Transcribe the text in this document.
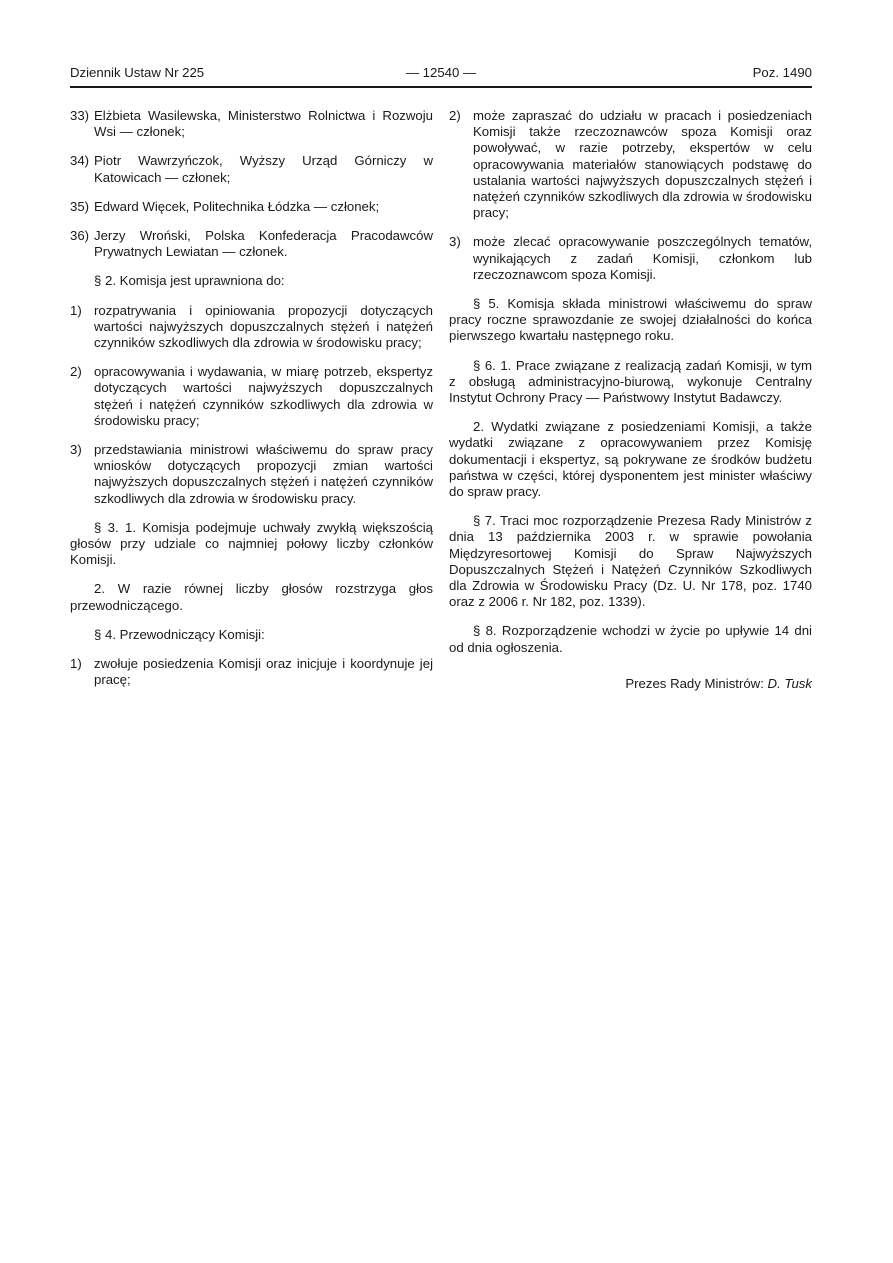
Dziennik Ustaw Nr 225	— 12540 —	Poz. 1490
33) Elżbieta Wasilewska, Ministerstwo Rolnictwa i Rozwoju Wsi — członek;
34) Piotr Wawrzyńczok, Wyższy Urząd Górniczy w Katowicach — członek;
35) Edward Więcek, Politechnika Łódzka — członek;
36) Jerzy Wroński, Polska Konfederacja Pracodawców Prywatnych Lewiatan — członek.
§ 2. Komisja jest uprawniona do:
1) rozpatrywania i opiniowania propozycji dotyczących wartości najwyższych dopuszczalnych stężeń i natężeń czynników szkodliwych dla zdrowia w środowisku pracy;
2) opracowywania i wydawania, w miarę potrzeb, ekspertyz dotyczących wartości najwyższych dopuszczalnych stężeń i natężeń czynników szkodliwych dla zdrowia w środowisku pracy;
3) przedstawiania ministrowi właściwemu do spraw pracy wniosków dotyczących propozycji zmian wartości najwyższych dopuszczalnych stężeń i natężeń czynników szkodliwych dla zdrowia w środowisku pracy.
§ 3. 1. Komisja podejmuje uchwały zwykłą większością głosów przy udziale co najmniej połowy liczby członków Komisji.
2. W razie równej liczby głosów rozstrzyga głos przewodniczącego.
§ 4. Przewodniczący Komisji:
1) zwołuje posiedzenia Komisji oraz inicjuje i koordynuje jej pracę;
2) może zapraszać do udziału w pracach i posiedzeniach Komisji także rzeczoznawców spoza Komisji oraz powoływać, w razie potrzeby, ekspertów w celu opracowywania materiałów stanowiących podstawę do ustalania wartości najwyższych dopuszczalnych stężeń i natężeń czynników szkodliwych dla zdrowia w środowisku pracy;
3) może zlecać opracowywanie poszczególnych tematów, wynikających z zadań Komisji, członkom lub rzeczoznawcom spoza Komisji.
§ 5. Komisja składa ministrowi właściwemu do spraw pracy roczne sprawozdanie ze swojej działalności do końca pierwszego kwartału następnego roku.
§ 6. 1. Prace związane z realizacją zadań Komisji, w tym z obsługą administracyjno-biurową, wykonuje Centralny Instytut Ochrony Pracy — Państwowy Instytut Badawczy.
2. Wydatki związane z posiedzeniami Komisji, a także wydatki związane z opracowywaniem przez Komisję dokumentacji i ekspertyz, są pokrywane ze środków budżetu państwa w części, której dysponentem jest minister właściwy do spraw pracy.
§ 7. Traci moc rozporządzenie Prezesa Rady Ministrów z dnia 13 października 2003 r. w sprawie powołania Międzyresortowej Komisji do Spraw Najwyższych Dopuszczalnych Stężeń i Natężeń Czynników Szkodliwych dla Zdrowia w Środowisku Pracy (Dz. U. Nr 178, poz. 1740 oraz z 2006 r. Nr 182, poz. 1339).
§ 8. Rozporządzenie wchodzi w życie po upływie 14 dni od dnia ogłoszenia.
Prezes Rady Ministrów: D. Tusk
